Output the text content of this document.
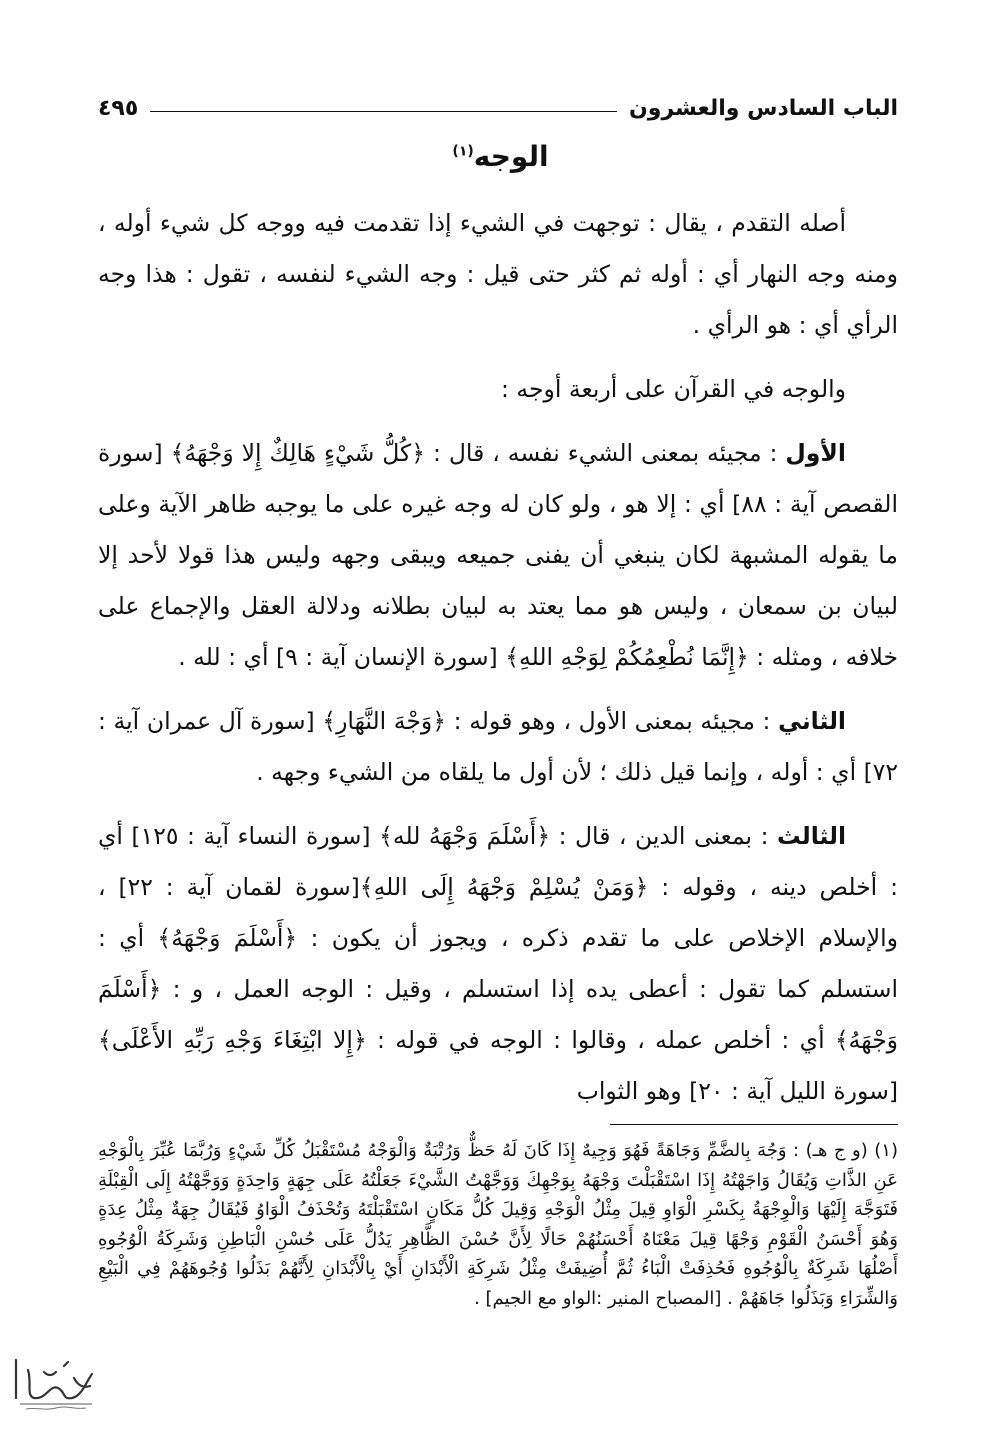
الباب السادس والعشرون
٤٩٥
الوجه$^{(١)}$

أصله التقدم ، يقال : توجهت في الشيء إذا تقدمت فيه ووجه كل شيء أوله ، ومنه وجه النهار أي : أوله ثم كثر حتى قيل : وجه الشيء لنفسه ، تقول : هذا وجه الرأي أي : هو الرأي .

والوجه في القرآن على أربعة أوجه :

الأول : مجيئه بمعنى الشيء نفسه ، قال : ﴿كُلُّ شَيْءٍ هَالِكٌ إِلا وَجْهَهُ﴾ [سورة القصص آية : ٨٨] أي : إلا هو ، ولو كان له وجه غيره على ما يوجبه ظاهر الآية وعلى ما يقوله المشبهة لكان ينبغي أن يفنى جميعه ويبقى وجهه وليس هذا قولا لأحد إلا لبيان بن سمعان ، وليس هو مما يعتد به لبيان بطلانه ودلالة العقل والإجماع على خلافه ، ومثله : ﴿إِنَّمَا نُطْعِمُكُمْ لِوَجْهِ اللهِ﴾ [سورة الإنسان آية : ٩] أي : لله .

الثاني : مجيئه بمعنى الأول ، وهو قوله : ﴿وَجْهَ النَّهَارِ﴾ [سورة آل عمران آية : ٧٢] أي : أوله ، وإنما قيل ذلك ؛ لأن أول ما يلقاه من الشيء وجهه .

الثالث : بمعنى الدين ، قال : ﴿أَسْلَمَ وَجْهَهُ لله﴾ [سورة النساء آية : ١٢٥] أي : أخلص دينه ، وقوله : ﴿وَمَنْ يُسْلِمْ وَجْهَهُ إِلَى اللهِ﴾[سورة لقمان آية : ٢٢] ، والإسلام الإخلاص على ما تقدم ذكره ، ويجوز أن يكون : ﴿أَسْلَمَ وَجْهَهُ﴾ أي : استسلم كما تقول : أعطى يده إذا استسلم ، وقيل : الوجه العمل ، و : ﴿أَسْلَمَ وَجْهَهُ﴾ أي : أخلص عمله ، وقالوا : الوجه في قوله : ﴿إِلا ابْتِغَاءَ وَجْهِ رَبِّهِ الأَعْلَى﴾ [سورة الليل آية : ٢٠] وهو الثواب

(١) (و ج هـ) : وَجُهَ بِالضَّمِّ وَجَاهَةً فَهُوَ وَجِيهٌ إِذَا كَانَ لَهُ حَظٌّ وَرُتْبَةٌ وَالْوَجْهُ مُسْتَقْبَلُ كُلِّ شَيْءٍ وَرُبَّمَا عُبِّرَ بِالْوَجْهِ عَنِ الذَّاتِ وَيُقَالُ وَاجَهْتُهُ إِذَا اسْتَقْبَلْتَ وَجْهَهُ بِوَجْهِكَ وَوَجَّهْتُ الشَّيْءَ جَعَلْتُهُ عَلَى جِهَةٍ وَاحِدَةٍ وَوَجَّهْتُهُ إِلَى الْقِبْلَةِ فَتَوَجَّهَ إِلَيْهَا وَالْوِجْهَةُ بِكَسْرِ الْوَاوِ قِيلَ مِثْلُ الْوَجْهِ وَقِيلَ كُلُّ مَكَانٍ اسْتَقْبَلْتَهُ وَتُحْذَفُ الْوَاوُ فَيُقَالُ جِهَةٌ مِثْلُ عِدَةٍ وَهُوَ أَحْسَنُ الْقَوْمِ وَجْهًا قِيلَ مَعْنَاهُ أَحْسَنُهُمْ حَالًا لِأَنَّ حُسْنَ الظَّاهِرِ يَدُلُّ عَلَى حُسْنِ الْبَاطِنِ وَشَرِكَةُ الْوُجُوهِ أَصْلُهَا شَرِكَةٌ بِالْوُجُوهِ فَحُذِفَتْ الْبَاءُ ثُمَّ أُضِيفَتْ مِثْلُ شَرِكَةِ الْأَبْدَانِ أَيْ بِالْأَبْدَانِ لِأَنَّهُمْ بَذَلُوا وُجُوهَهُمْ فِي الْبَيْعِ وَالشِّرَاءِ وَبَذَلُوا جَاهَهُمْ . [المصباح المنير :الواو مع الجيم] .
